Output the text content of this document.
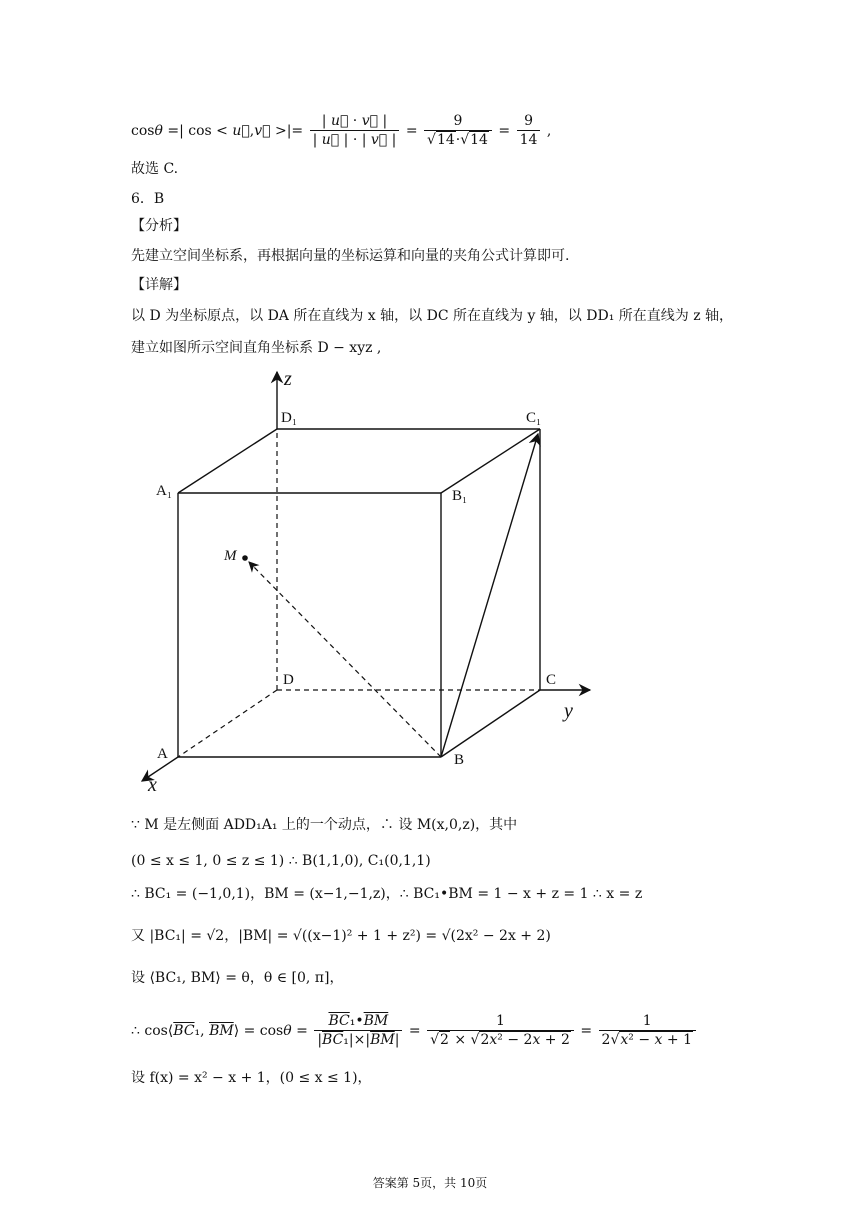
cosθ =| cos < u⃗,v⃗ >|= $\frac{| u⃗ \cdot v⃗ |}{| u⃗ | \cdot | v⃗ |} = \frac{9}{√14\cdot√14} = \frac{9}{14}$ ,
故选 C.
6．B
【分析】
先建立空间坐标系，再根据向量的坐标运算和向量的夹角公式计算即可.
【详解】
以 D 为坐标原点，以 DA 所在直线为 x 轴，以 DC 所在直线为 y 轴，以 DD₁ 所在直线为 z 轴，
建立如图所示空间直角坐标系 D − xyz ,
z
D₁	C₁
A₁	B₁
M
D	C
y
A	B
x
∵ M 是左侧面 ADD₁A₁ 上的一个动点，∴ 设 M(x,0,z)，其中
(0 ≤ x ≤ 1, 0 ≤ z ≤ 1) ∴ B(1,1,0), C₁(0,1,1)
∴ BC₁ = (−1,0,1)，BM = (x−1,−1,z)，∴ BC₁•BM = 1 − x + z = 1 ∴ x = z
又 |BC₁| = √2，|BM| = √((x−1)² + 1 + z²) = √(2x² − 2x + 2)
设 ⟨BC₁, BM⟩ = θ，θ ∈ [0, π]，
∴ $\cos⟨\overline{BC}_1$, $\overline{BM}⟩ = \cos\theta = \frac{\overline{BC}_1•\overline{BM}}{|\overline{BC}_1|\times|\overline{BM}|} = \frac{1}{\text{√2 × √2x² − 2x + 2}} = \frac{1}{\text{2√x² − x + 1}}$
设 f(x) = x² − x + 1，(0 ≤ x ≤ 1)，
答案第 5页，共 10页
